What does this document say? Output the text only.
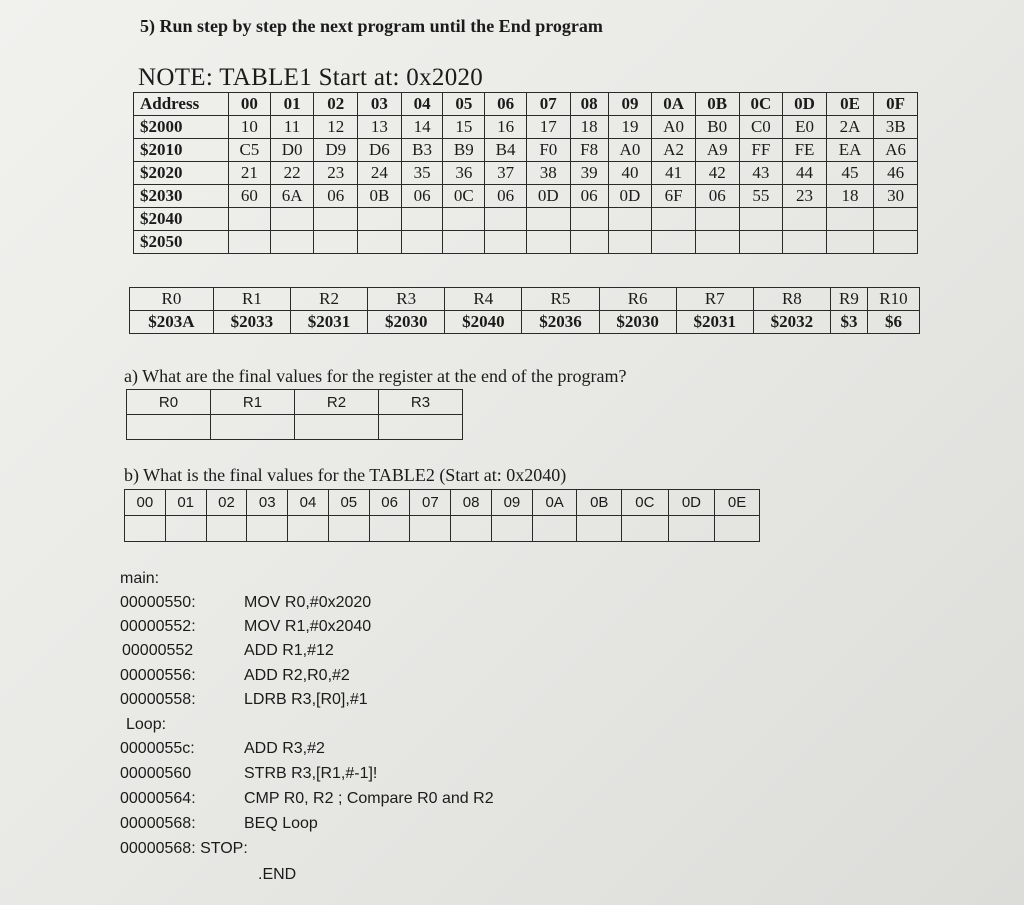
5) Run step by step the next program until the End program
NOTE: TABLE1 Start at: 0x2020
Address	00	01	02	03	04	05	06	07	08	09	0A	0B	0C	0D	0E	0F
$2000	10	11	12	13	14	15	16	17	18	19	A0	B0	C0	E0	2A	3B
$2010	C5	D0	D9	D6	B3	B9	B4	F0	F8	A0	A2	A9	FF	FE	EA	A6
$2020	21	22	23	24	35	36	37	38	39	40	41	42	43	44	45	46
$2030	60	6A	06	0B	06	0C	06	0D	06	0D	6F	06	55	23	18	30
$2040																
$2050																
R0	R1	R2	R3	R4	R5	R6	R7	R8	R9	R10
$203A	$2033	$2031	$2030	$2040	$2036	$2030	$2031	$2032	$3	$6
a) What are the final values for the register at the end of the program?
R0	R1	R2	R3

b) What is the final values for the TABLE2 (Start at: 0x2040)
00	01	02	03	04	05	06	07	08	09	0A	0B	0C	0D	0E

main:
00000550:	MOV R0,#0x2020
00000552:	MOV R1,#0x2040
00000552	ADD R1,#12
00000556:	ADD R2,R0,#2
00000558:	LDRB R3,[R0],#1
Loop:
0000055c:	ADD R3,#2
00000560	STRB R3,[R1,#-1]!
00000564:	CMP R0, R2 ; Compare R0 and R2
00000568:	BEQ Loop
00000568: STOP:
.END
